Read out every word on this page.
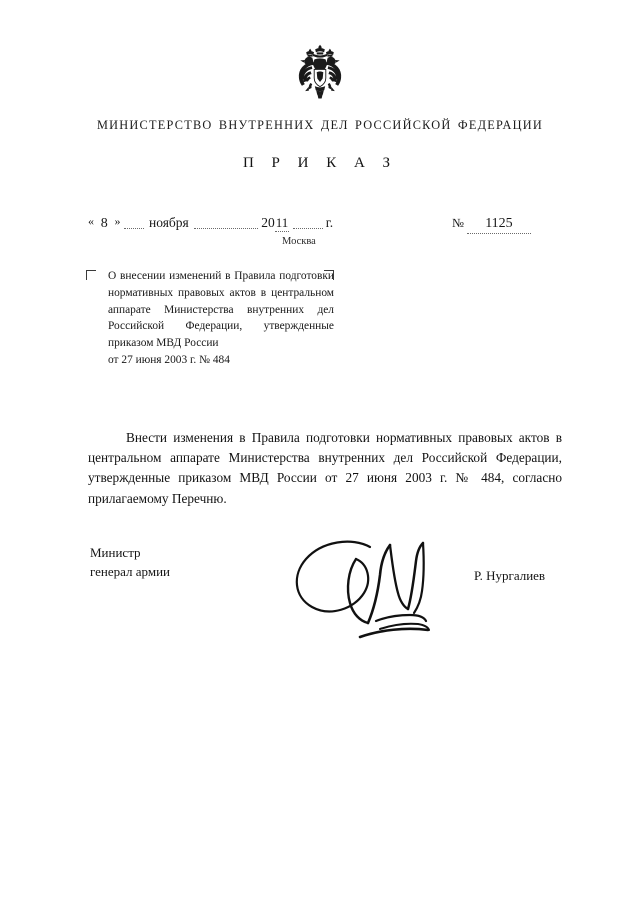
МИНИСТЕРСТВО ВНУТРЕННИХ ДЕЛ РОССИЙСКОЙ ФЕДЕРАЦИИ
П Р И К А З
« 8 » ноября	2011	г.
Москва
№ 1125

О внесении изменений в Правила подготовки нормативных правовых актов в центральном аппарате Министерства внутренних дел Российской Федерации, утвержденные приказом МВД России
от 27 июня 2003 г. № 484

Внести изменения в Правила подготовки нормативных правовых актов в центральном аппарате Министерства внутренних дел Российской Федерации, утвержденные приказом МВД России от 27 июня 2003 г. № 484, согласно прилагаемому Перечню.

Министр
генерал армии	Р. Нургалиев
